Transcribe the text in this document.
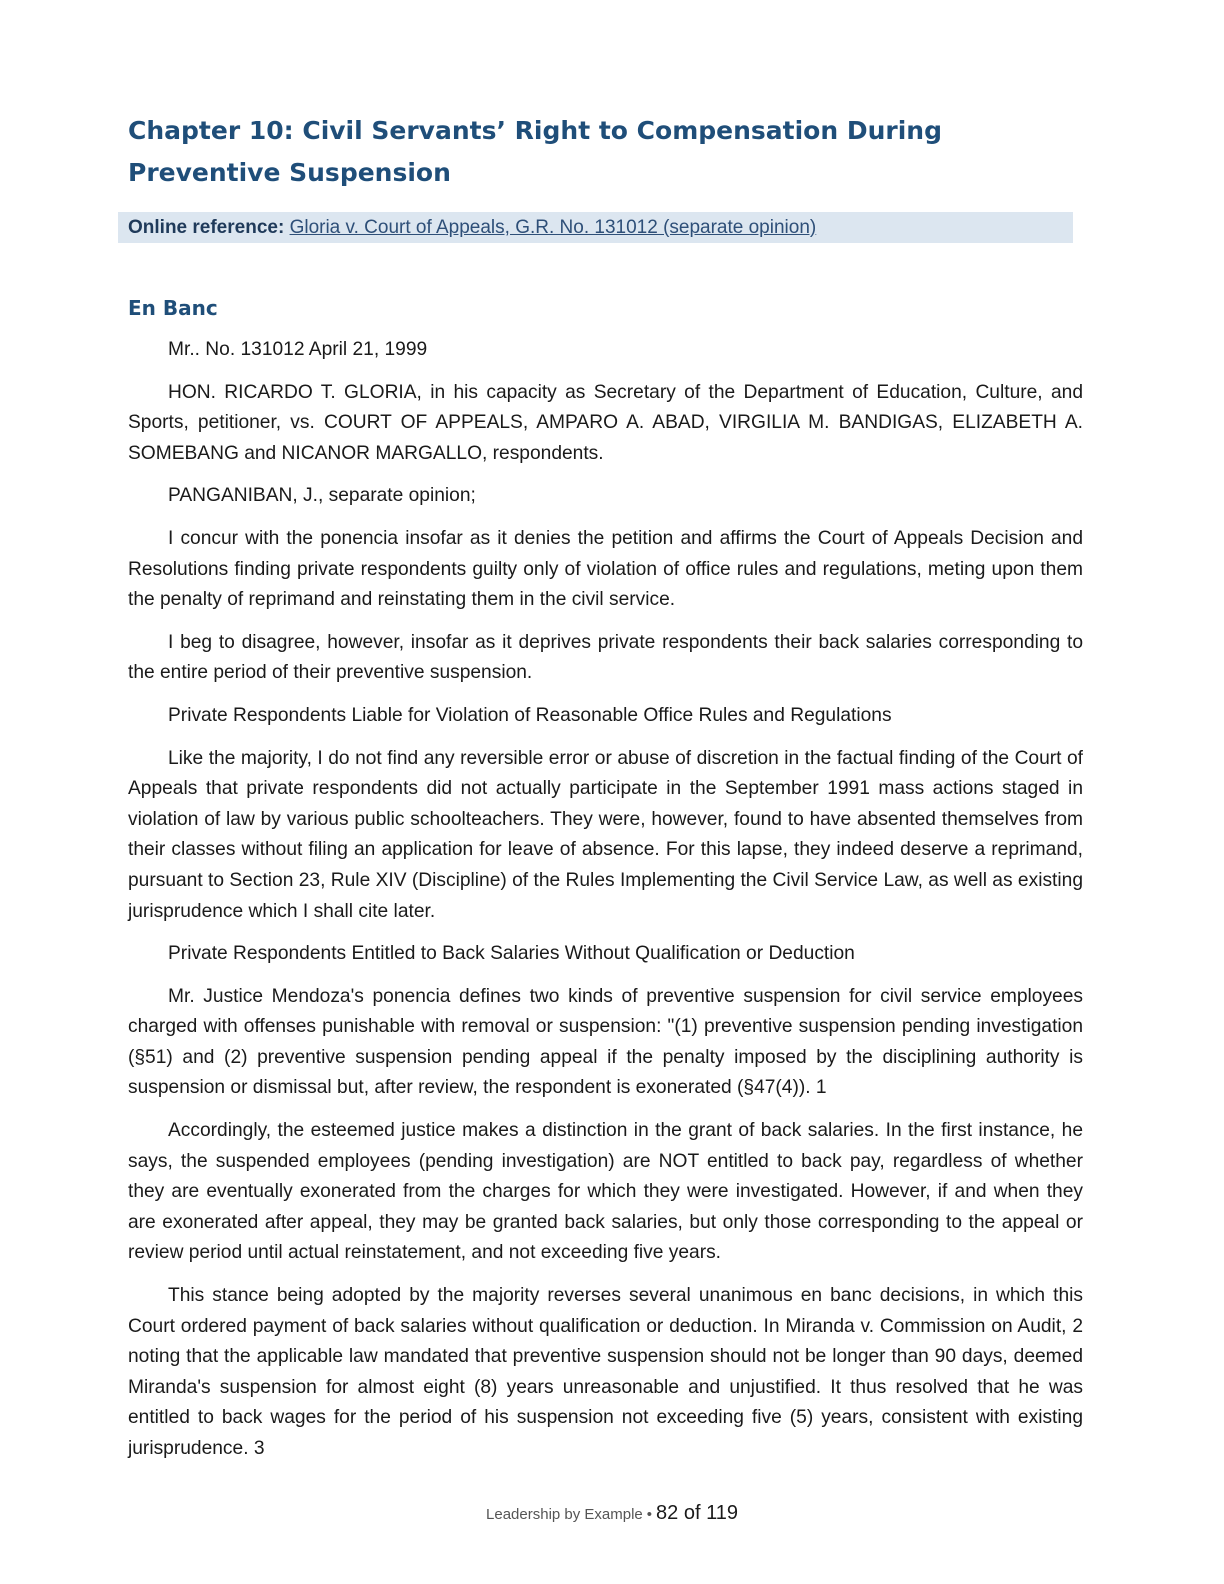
Chapter 10: Civil Servants’ Right to Compensation During Preventive Suspension
Online reference: Gloria v. Court of Appeals, G.R. No. 131012 (separate opinion)
En Banc

Mr.. No. 131012 April 21, 1999

HON. RICARDO T. GLORIA, in his capacity as Secretary of the Department of Education, Culture, and Sports, petitioner, vs. COURT OF APPEALS, AMPARO A. ABAD, VIRGILIA M. BANDIGAS, ELIZABETH A. SOMEBANG and NICANOR MARGALLO, respondents.

PANGANIBAN, J., separate opinion;

I concur with the ponencia insofar as it denies the petition and affirms the Court of Appeals Decision and Resolutions finding private respondents guilty only of violation of office rules and regulations, meting upon them the penalty of reprimand and reinstating them in the civil service.

I beg to disagree, however, insofar as it deprives private respondents their back salaries corresponding to the entire period of their preventive suspension.

Private Respondents Liable for Violation of Reasonable Office Rules and Regulations

Like the majority, I do not find any reversible error or abuse of discretion in the factual finding of the Court of Appeals that private respondents did not actually participate in the September 1991 mass actions staged in violation of law by various public schoolteachers. They were, however, found to have absented themselves from their classes without filing an application for leave of absence. For this lapse, they indeed deserve a reprimand, pursuant to Section 23, Rule XIV (Discipline) of the Rules Implementing the Civil Service Law, as well as existing jurisprudence which I shall cite later.

Private Respondents Entitled to Back Salaries Without Qualification or Deduction

Mr. Justice Mendoza's ponencia defines two kinds of preventive suspension for civil service employees charged with offenses punishable with removal or suspension: "(1) preventive suspension pending investigation (§51) and (2) preventive suspension pending appeal if the penalty imposed by the disciplining authority is suspension or dismissal but, after review, the respondent is exonerated (§47(4)). 1

Accordingly, the esteemed justice makes a distinction in the grant of back salaries. In the first instance, he says, the suspended employees (pending investigation) are NOT entitled to back pay, regardless of whether they are eventually exonerated from the charges for which they were investigated. However, if and when they are exonerated after appeal, they may be granted back salaries, but only those corresponding to the appeal or review period until actual reinstatement, and not exceeding five years.

This stance being adopted by the majority reverses several unanimous en banc decisions, in which this Court ordered payment of back salaries without qualification or deduction. In Miranda v. Commission on Audit, 2 noting that the applicable law mandated that preventive suspension should not be longer than 90 days, deemed Miranda's suspension for almost eight (8) years unreasonable and unjustified. It thus resolved that he was entitled to back wages for the period of his suspension not exceeding five (5) years, consistent with existing jurisprudence. 3

Leadership by Example • 82 of 119
